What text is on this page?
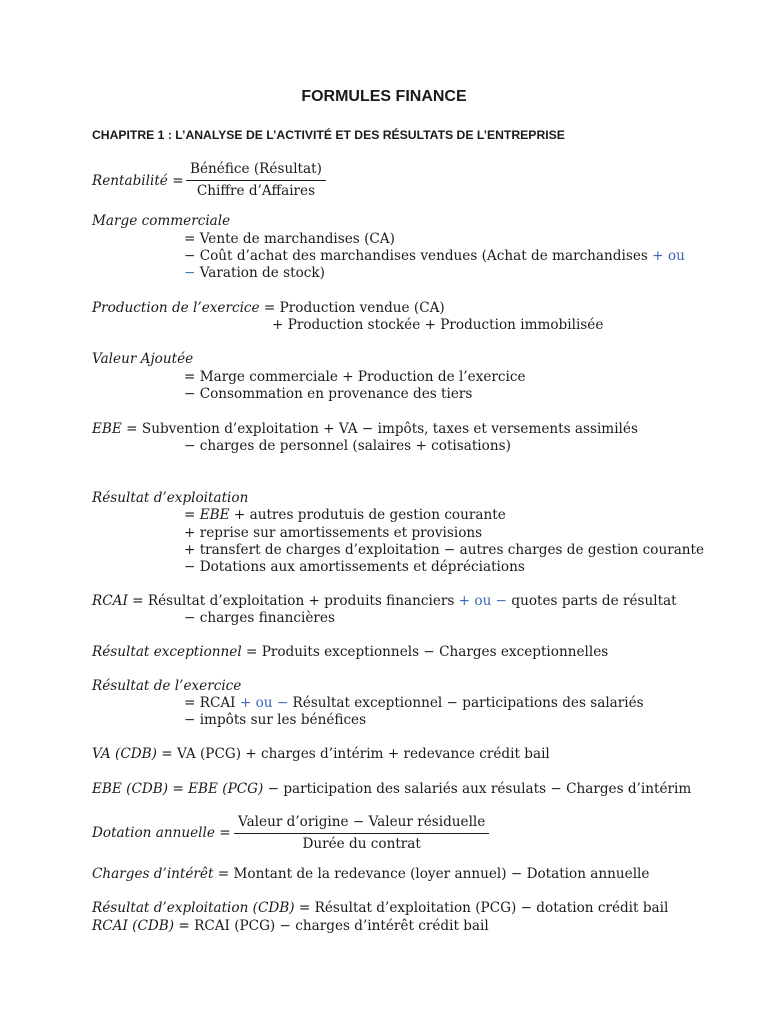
FORMULES FINANCE
CHAPITRE 1 : L’ANALYSE DE L’ACTIVITÉ ET DES RÉSULTATS DE L’ENTREPRISE
Rentabilité =
Bénéfice (Résultat)
Chiffre d’Affaires
Marge commerciale
= Vente de marchandises (CA)
− Coût d’achat des marchandises vendues (Achat de marchandises + ou
− Varation de stock)
Production de l’exercice = Production vendue (CA)
+ Production stockée + Production immobilisée
Valeur Ajoutée
= Marge commerciale + Production de l’exercice
− Consommation en provenance des tiers
EBE = Subvention d’exploitation + VA − impôts, taxes et versements assimilés
− charges de personnel (salaires + cotisations)
Résultat d’exploitation
= EBE + autres produtuis de gestion courante
+ reprise sur amortissements et provisions
+ transfert de charges d’exploitation − autres charges de gestion courante
− Dotations aux amortissements et dépréciations
RCAI = Résultat d’exploitation + produits financiers + ou − quotes parts de résultat
− charges financières
Résultat exceptionnel = Produits exceptionnels − Charges exceptionnelles
Résultat de l’exercice
= RCAI + ou − Résultat exceptionnel − participations des salariés
− impôts sur les bénéfices
VA (CDB) = VA (PCG) + charges d’intérim + redevance crédit bail
EBE (CDB) = EBE (PCG) − participation des salariés aux résulats − Charges d’intérim
Dotation annuelle =
Valeur d’origine − Valeur résiduelle
Durée du contrat
Charges d’intérêt = Montant de la redevance (loyer annuel) − Dotation annuelle
Résultat d’exploitation (CDB) = Résultat d’exploitation (PCG) − dotation crédit bail
RCAI (CDB) = RCAI (PCG) − charges d’intérêt crédit bail
